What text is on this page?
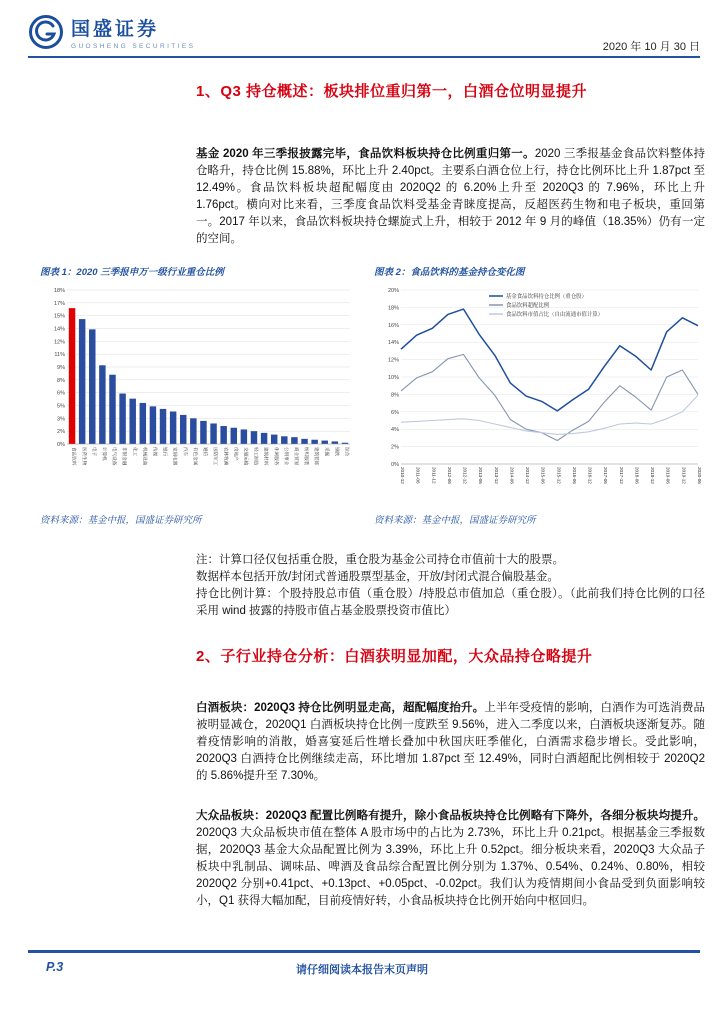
国盛证券
GUOSHENG SECURITIES	2020 年 10 月 30 日
1、Q3 持仓概述：板块排位重归第一，白酒仓位明显提升

基金 2020 年三季报披露完毕，食品饮料板块持仓比例重归第一。2020 三季报基金食品饮料整体持仓略升，持仓比例 15.88%，环比上升 2.40pct。主要系白酒仓位上行，持仓比例环比上升 1.87pct 至 12.49%。食品饮料板块超配幅度由 2020Q2 的 6.20%上升至 2020Q3 的 7.96%，环比上升 1.76pct。横向对比来看，三季度食品饮料受基金青睐度提高，反超医药生物和电子板块，重回第一。2017 年以来，食品饮料板块持仓螺旋式上升，相较于 2012 年 9 月的峰值（18.35%）仍有一定的空间。

图表 1：2020 三季报申万一级行业重仓比例
0%
2%
3%
5%
6%
8%
9%
11%
12%
14%
15%
17%
18%
食品饮料 医药生物 电子 计算机 电气设备 非银金融 化工 机械设备 传媒 银行 家用电器 汽车 有色金属 通信 国防军工 农林牧渔 房地产 交通运输 轻工制造 建筑材料 休闲服务 公用事业 商业贸易 纺织服装 建筑装饰 采掘 钢铁 综合
资料来源：基金中报，国盛证券研究所
图表 2：食品饮料的基金持仓变化图
0%
2%
4%
6%
8%
10%
12%
14%
16%
18%
20%
2010-12 2011-06 2011-12 2012-06 2012-12 2013-06 2013-12 2014-06 2014-12 2015-06 2015-12 2016-06 2016-12 2017-06 2017-12 2018-06 2018-12 2019-06 2019-12 2020-06
基金食品饮料持仓比例（重仓股）
食品饮料超配比例
食品饮料市值占比（自由流通市值计算）
资料来源：基金中报，国盛证券研究所
注：计算口径仅包括重仓股，重仓股为基金公司持仓市值前十大的股票。
数据样本包括开放/封闭式普通股票型基金，开放/封闭式混合偏股基金。
持仓比例计算：个股持股总市值（重仓股）/持股总市值加总（重仓股）。（此前我们持仓比例的口径采用 wind 披露的持股市值占基金股票投资市值比）
2、子行业持仓分析：白酒获明显加配，大众品持仓略提升

白酒板块：2020Q3 持仓比例明显走高，超配幅度抬升。上半年受疫情的影响，白酒作为可选消费品被明显减仓，2020Q1 白酒板块持仓比例一度跌至 9.56%，进入二季度以来，白酒板块逐渐复苏。随着疫情影响的消散，婚喜宴延后性增长叠加中秋国庆旺季催化，白酒需求稳步增长。受此影响，2020Q3 白酒持仓比例继续走高，环比增加 1.87pct 至 12.49%，同时白酒超配比例相较于 2020Q2 的 5.86%提升至 7.30%。

大众品板块：2020Q3 配置比例略有提升，除小食品板块持仓比例略有下降外，各细分板块均提升。2020Q3 大众品板块市值在整体 A 股市场中的占比为 2.73%，环比上升 0.21pct。根据基金三季报数据，2020Q3 基金大众品配置比例为 3.39%，环比上升 0.52pct。细分板块来看，2020Q3 大众品子板块中乳制品、调味品、啤酒及食品综合配置比例分别为 1.37%、0.54%、0.24%、0.80%，相较 2020Q2 分别+0.41pct、+0.13pct、+0.05pct、-0.02pct。我们认为疫情期间小食品受到负面影响较小，Q1 获得大幅加配，目前疫情好转，小食品板块持仓比例开始向中枢回归。

P.3	请仔细阅读本报告末页声明
